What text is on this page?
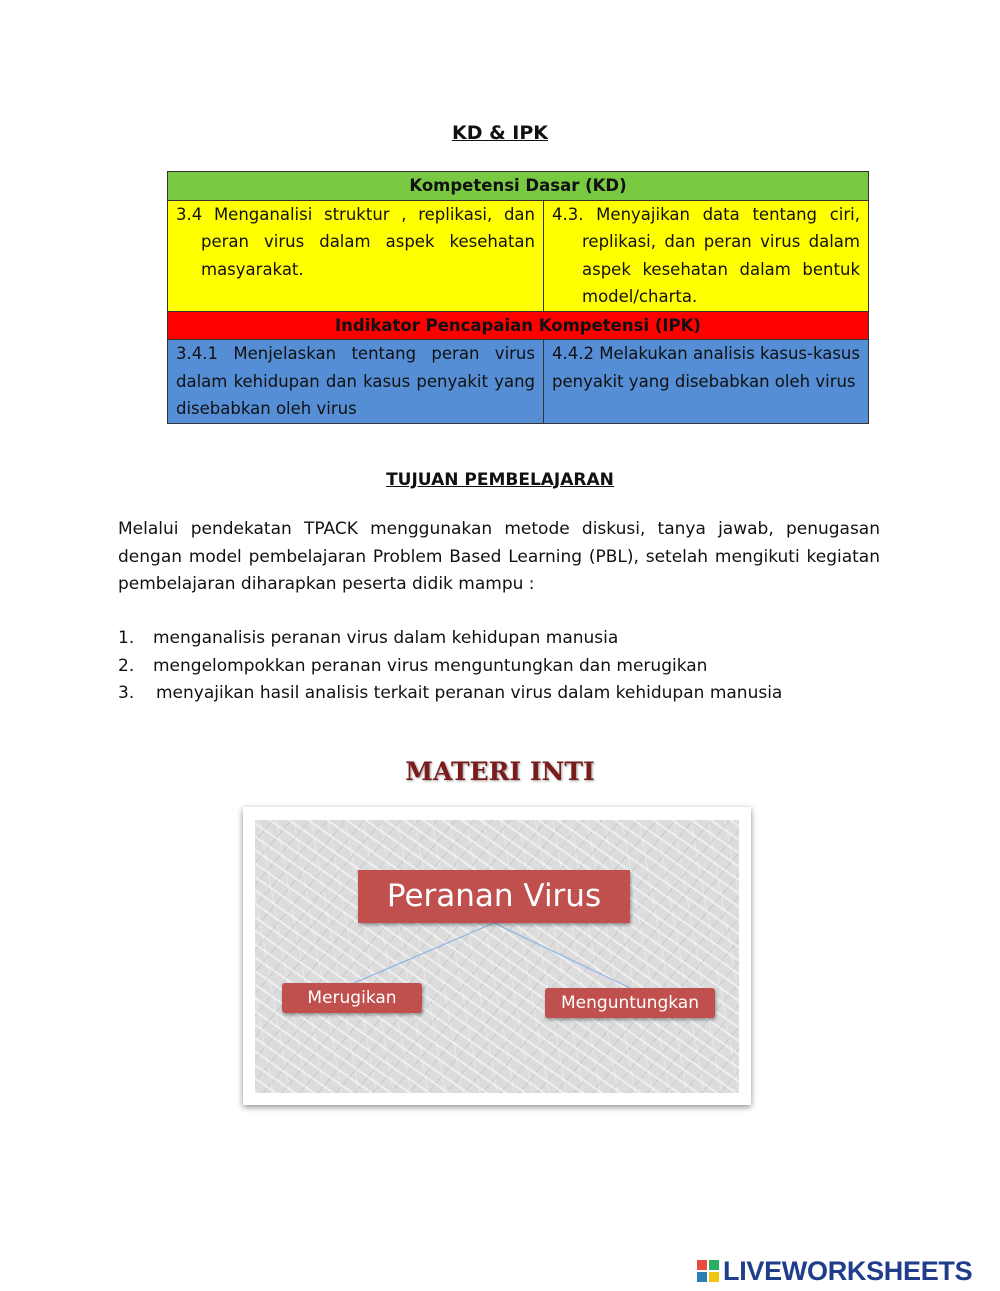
KD & IPK
Kompetensi Dasar (KD)	
3.4 Menganalisi struktur , replikasi, dan peran virus dalam aspek kesehatan masyarakat.	4.3. Menyajikan data tentang ciri, replikasi, dan peran virus dalam aspek kesehatan dalam bentuk model/charta.
Indikator Pencapaian Kompetensi (IPK)	
3.4.1 Menjelaskan tentang peran virus dalam kehidupan dan kasus penyakit yang disebabkan oleh virus	4.4.2 Melakukan analisis kasus-kasus penyakit yang disebabkan oleh virus
TUJUAN PEMBELAJARAN
Melalui pendekatan TPACK menggunakan metode diskusi, tanya jawab, penugasan dengan model pembelajaran Problem Based Learning (PBL), setelah mengikuti kegiatan pembelajaran diharapkan peserta didik mampu :
1.	menganalisis peranan virus dalam kehidupan manusia
2.	mengelompokkan peranan virus menguntungkan dan merugikan
3.	menyajikan hasil analisis terkait peranan virus dalam kehidupan manusia
MATERI INTI
Peranan Virus
Merugikan	Menguntungkan
LIVEWORKSHEETS
